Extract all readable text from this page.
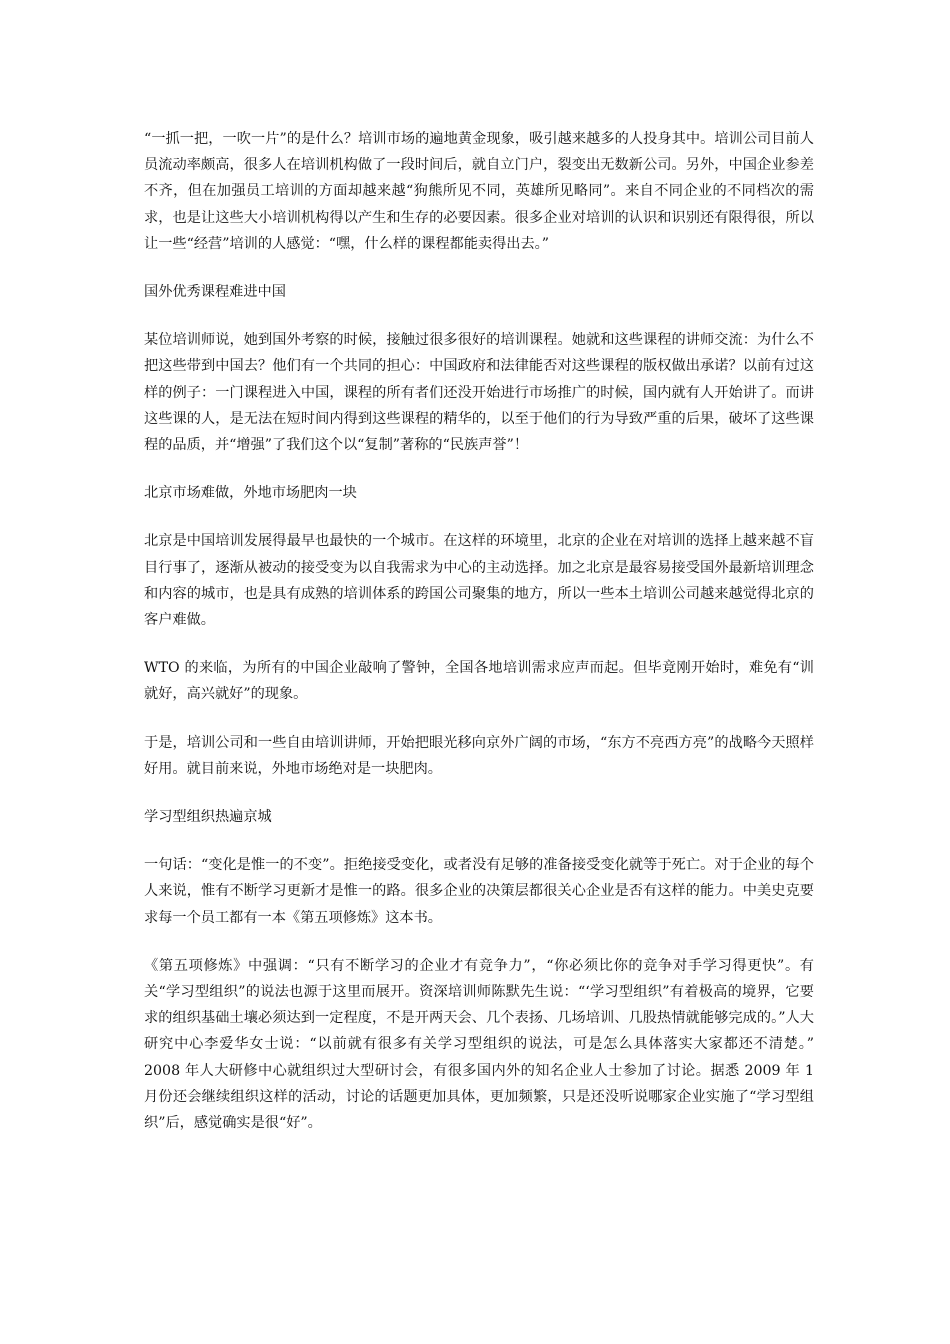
“一抓一把，一吹一片”的是什么？培训市场的遍地黄金现象，吸引越来越多的人投身其中。培训公司目前人员流动率颇高，很多人在培训机构做了一段时间后，就自立门户，裂变出无数新公司。另外，中国企业参差不齐，但在加强员工培训的方面却越来越“狗熊所见不同，英雄所见略同”。来自不同企业的不同档次的需求，也是让这些大小培训机构得以产生和生存的必要因素。很多企业对培训的认识和识别还有限得很，所以让一些“经营”培训的人感觉：“嘿，什么样的课程都能卖得出去。”

国外优秀课程难进中国

某位培训师说，她到国外考察的时候，接触过很多很好的培训课程。她就和这些课程的讲师交流：为什么不把这些带到中国去？他们有一个共同的担心：中国政府和法律能否对这些课程的版权做出承诺？以前有过这样的例子：一门课程进入中国，课程的所有者们还没开始进行市场推广的时候，国内就有人开始讲了。而讲这些课的人，是无法在短时间内得到这些课程的精华的，以至于他们的行为导致严重的后果，破坏了这些课程的品质，并“增强”了我们这个以“复制”著称的“民族声誉”！

北京市场难做，外地市场肥肉一块

北京是中国培训发展得最早也最快的一个城市。在这样的环境里，北京的企业在对培训的选择上越来越不盲目行事了，逐渐从被动的接受变为以自我需求为中心的主动选择。加之北京是最容易接受国外最新培训理念和内容的城市，也是具有成熟的培训体系的跨国公司聚集的地方，所以一些本土培训公司越来越觉得北京的客户难做。

WTO 的来临，为所有的中国企业敲响了警钟，全国各地培训需求应声而起。但毕竟刚开始时，难免有“训就好，高兴就好”的现象。

于是，培训公司和一些自由培训讲师，开始把眼光移向京外广阔的市场，“东方不亮西方亮”的战略今天照样好用。就目前来说，外地市场绝对是一块肥肉。

学习型组织热遍京城

一句话：“变化是惟一的不变”。拒绝接受变化，或者没有足够的准备接受变化就等于死亡。对于企业的每个人来说，惟有不断学习更新才是惟一的路。很多企业的决策层都很关心企业是否有这样的能力。中美史克要求每一个员工都有一本《第五项修炼》这本书。

《第五项修炼》中强调：“只有不断学习的企业才有竞争力”，“你必须比你的竞争对手学习得更快”。有关“学习型组织”的说法也源于这里而展开。资深培训师陈默先生说：“‘学习型组织”有着极高的境界，它要求的组织基础土壤必须达到一定程度，不是开两天会、几个表扬、几场培训、几股热情就能够完成的。”人大研究中心李爱华女士说：“以前就有很多有关学习型组织的说法，可是怎么具体落实大家都还不清楚。” 2008 年人大研修中心就组织过大型研讨会，有很多国内外的知名企业人士参加了讨论。据悉 2009 年 1 月份还会继续组织这样的活动，讨论的话题更加具体，更加频繁，只是还没听说哪家企业实施了“学习型组织”后，感觉确实是很“好”。
